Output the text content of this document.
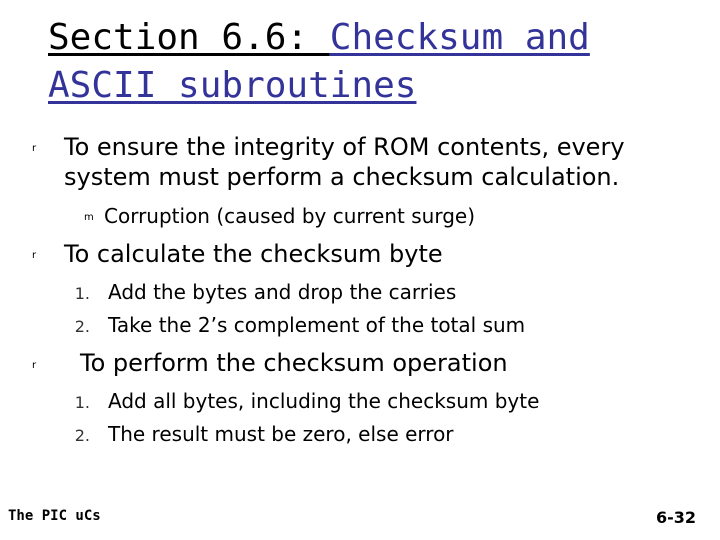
Section 6.6: Checksum and
ASCII subroutines
r To ensure the integrity of ROM contents, every
system must perform a checksum calculation.
m Corruption (caused by current surge)
r To calculate the checksum byte
1. Add the bytes and drop the carries
2. Take the 2’s complement of the total sum
r To perform the checksum operation
1. Add all bytes, including the checksum byte
2. The result must be zero, else error
The PIC uCs	6-32
